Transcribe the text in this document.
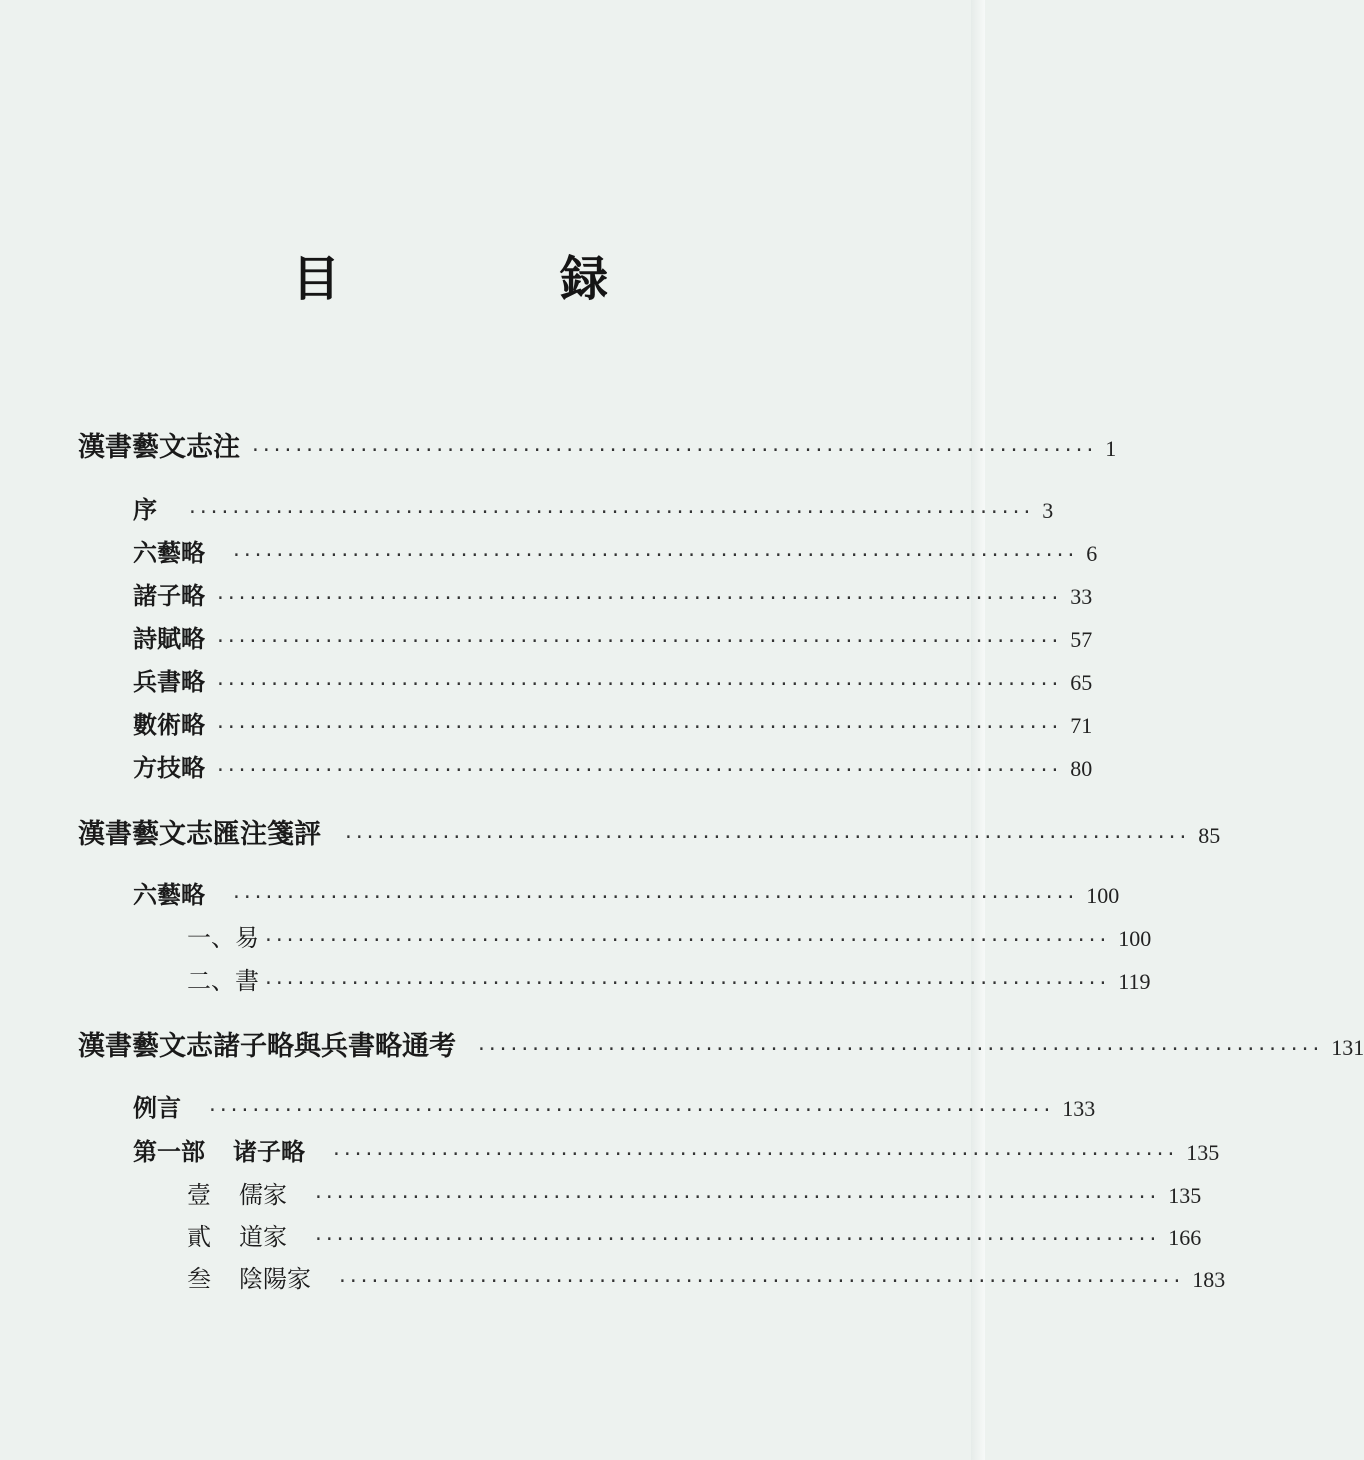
目　録
漢書藝文志注 ·············································································· 1
序 ·············································································· 3
六藝略 ·············································································· 6
諸子略 ·············································································· 33
詩賦略 ·············································································· 57
兵書略 ·············································································· 65
數術略 ·············································································· 71
方技略 ·············································································· 80
漢書藝文志匯注箋評 ·············································································· 85
六藝略 ·············································································· 100
一、易 ·············································································· 100
二、書 ·············································································· 119
漢書藝文志諸子略與兵書略通考 ·············································································· 131
例言 ·············································································· 133
第一部 诸子略 ·············································································· 135
壹 儒家 ·············································································· 135
貳 道家 ·············································································· 166
叁 陰陽家 ·············································································· 183
